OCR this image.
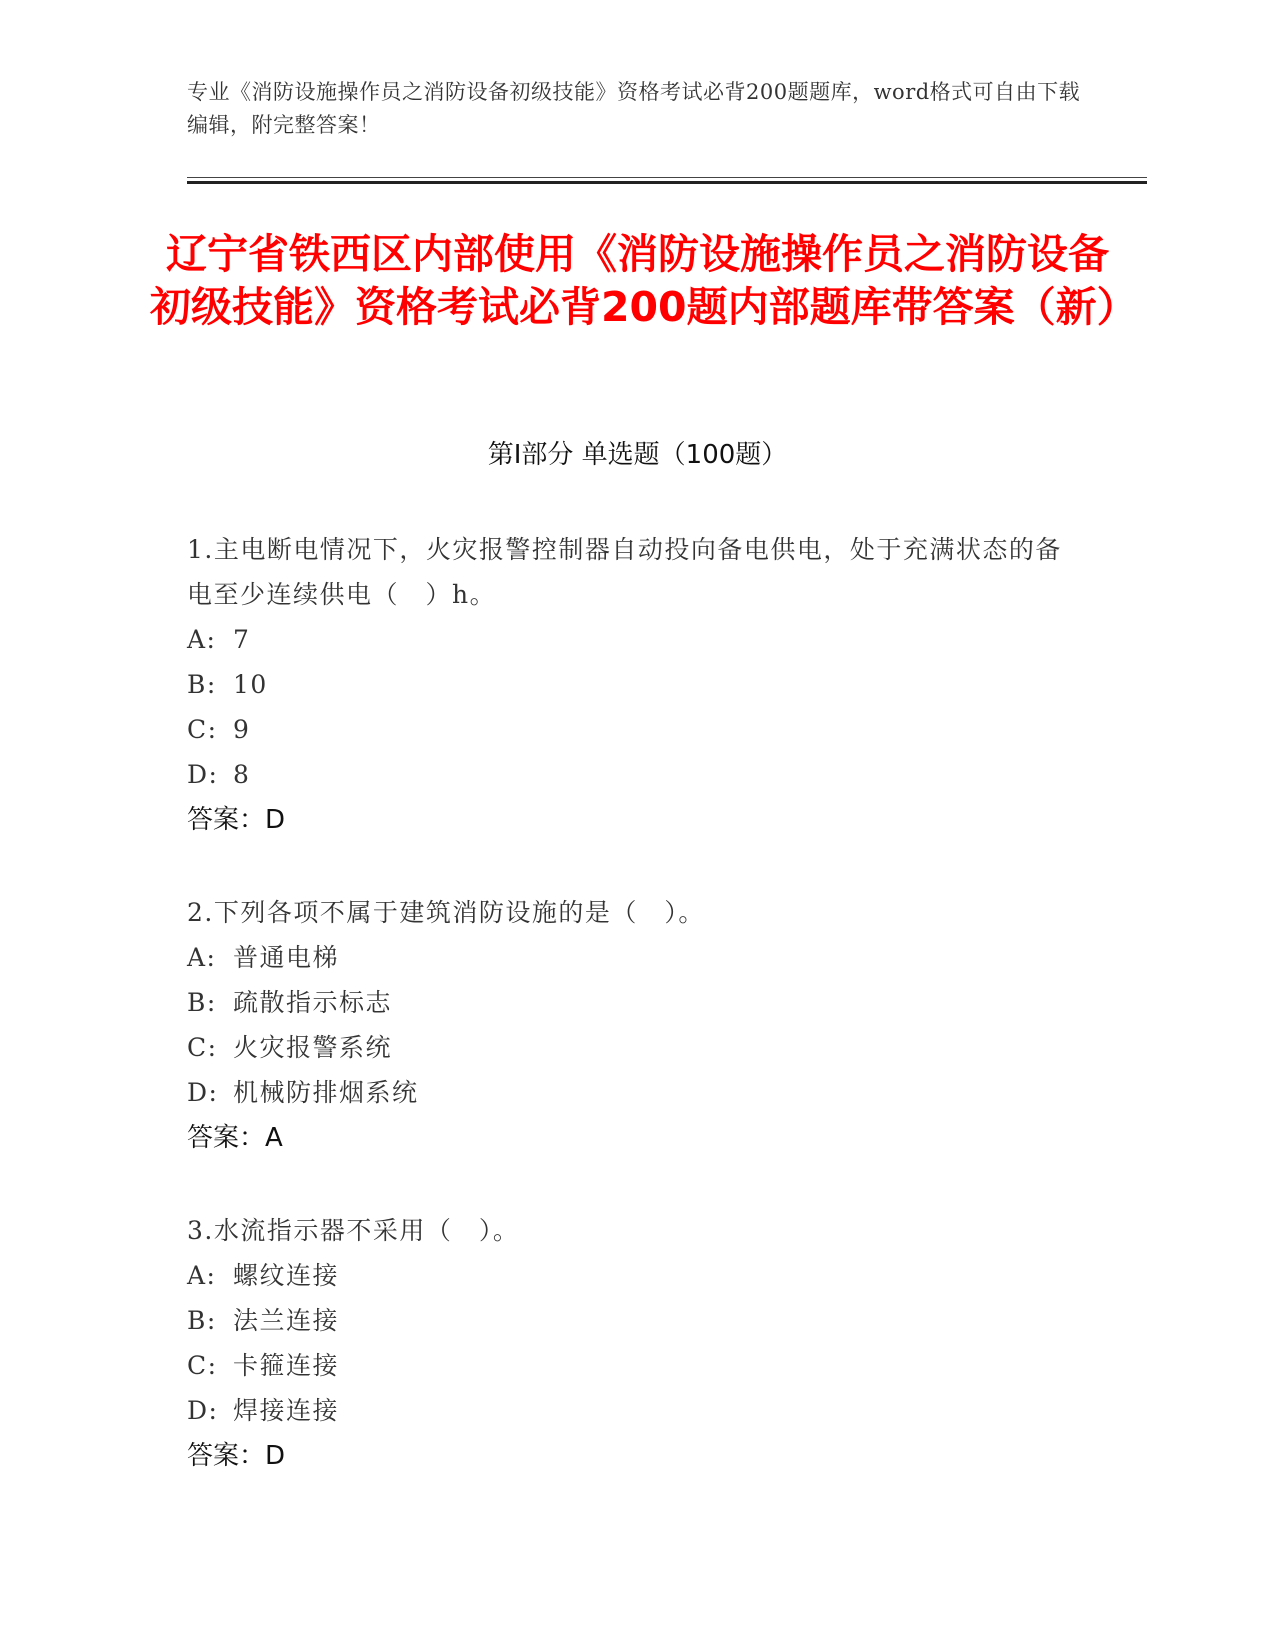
专业《消防设施操作员之消防设备初级技能》资格考试必背200题题库，word格式可自由下载编辑，附完整答案！
辽宁省铁西区内部使用《消防设施操作员之消防设备初级技能》资格考试必背200题内部题库带答案（新）
第Ⅰ部分 单选题（100题）
1.主电断电情况下，火灾报警控制器自动投向备电供电，处于充满状态的备电至少连续供电（　）h。
A: 7
B: 10
C: 9
D: 8
答案：D
2.下列各项不属于建筑消防设施的是（　）。
A: 普通电梯
B: 疏散指示标志
C: 火灾报警系统
D: 机械防排烟系统
答案：A
3.水流指示器不采用（　）。
A: 螺纹连接
B: 法兰连接
C: 卡箍连接
D: 焊接连接
答案：D
